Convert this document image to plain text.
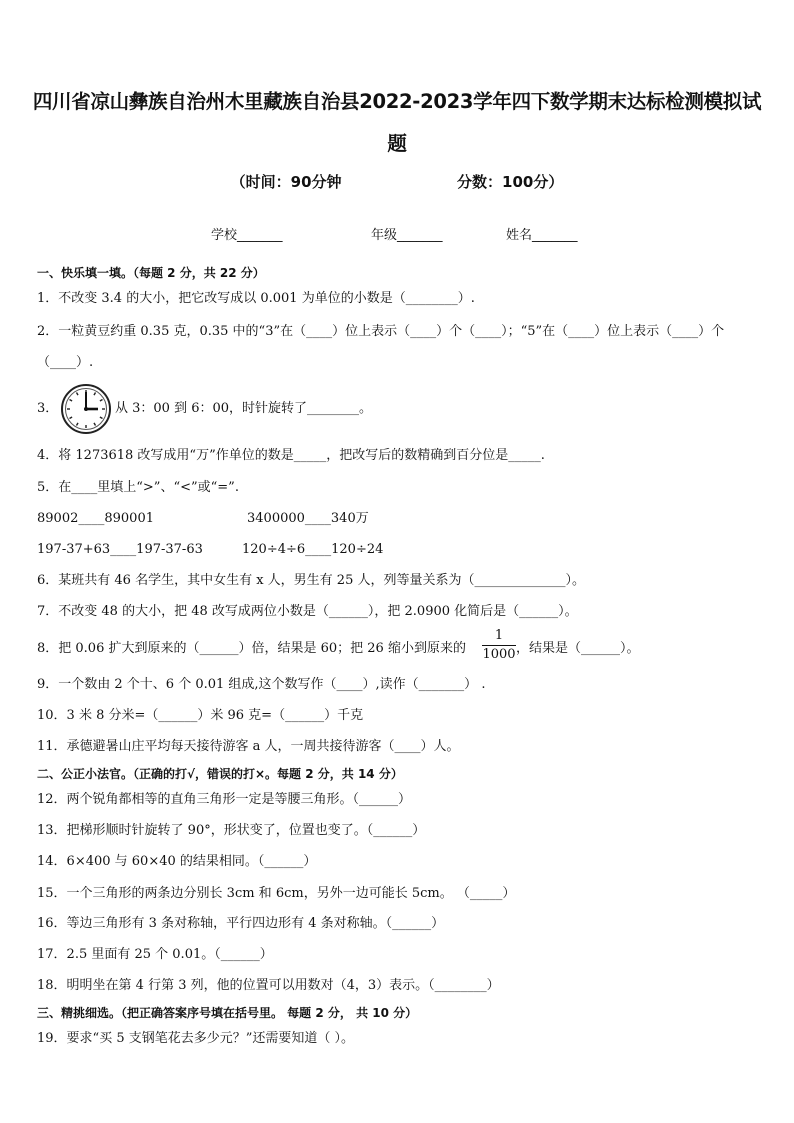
四川省凉山彝族自治州木里藏族自治县2022-2023学年四下数学期末达标检测模拟试
题
（时间：90分钟	分数：100分）
学校_______	年级_______	姓名_______
一、快乐填一填。（每题 2 分，共 22 分）
1．不改变 3.4 的大小，把它改写成以 0.001 为单位的小数是（________）.
2．一粒黄豆约重 0.35 克，0.35 中的“3”在（____）位上表示（____）个（____）；“5”在（____）位上表示（____）个
（____）.
3．	从 3：00 到 6：00，时针旋转了________。
4．将 1273618 改写成用“万”作单位的数是_____，把改写后的数精确到百分位是_____.
5．在____里填上“>”、“<”或“=”.
89002____890001	3400000____340万
197-37+63____197-37-63	120÷4÷6____120÷24
6．某班共有 46 名学生，其中女生有 x 人，男生有 25 人，列等量关系为（______________）。
7．不改变 48 的大小，把 48 改写成两位小数是（______），把 2.0900 化简后是（______）。
8．把 0.06 扩大到原来的（______）倍，结果是 60；把 26 缩小到原来的
1
1000 ，结果是（______）。
9．一个数由 2 个十、6 个 0.01 组成,这个数写作（____）,读作（_______） .
10．3 米 8 分米=（______）米 96 克=（______）千克
11．承德避暑山庄平均每天接待游客 a 人，一周共接待游客（____）人。
二、公正小法官。（正确的打√，错误的打×。每题 2 分，共 14 分）
12．两个锐角都相等的直角三角形一定是等腰三角形。（______）
13．把梯形顺时针旋转了 90°，形状变了，位置也变了。（______）
14．6×400 与 60×40 的结果相同。（______）
15．一个三角形的两条边分别长 3cm 和 6cm，另外一边可能长 5cm。 （_____）
16．等边三角形有 3 条对称轴，平行四边形有 4 条对称轴。（______）
17．2.5 里面有 25 个 0.01。（______）
18．明明坐在第 4 行第 3 列，他的位置可以用数对（4，3）表示。（________）
三、精挑细选。（把正确答案序号填在括号里。 每题 2 分， 共 10 分）
19．要求“买 5 支钢笔花去多少元？”还需要知道（ ）。
